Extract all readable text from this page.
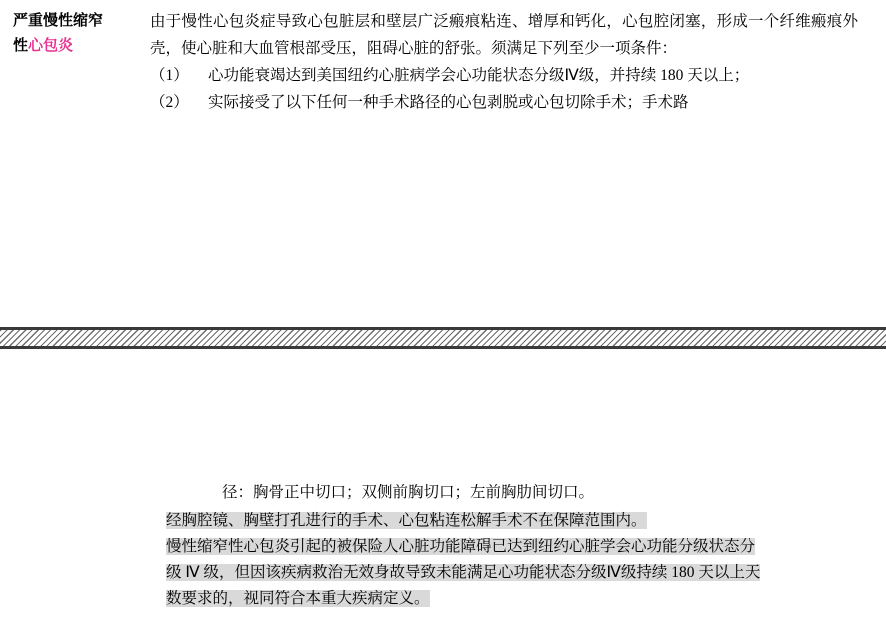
严重慢性缩窄
性心包炎

由于慢性心包炎症导致心包脏层和壁层广泛瘢痕粘连、增厚和钙化，心包腔闭塞，形成一个纤维瘢痕外壳，使心脏和大血管根部受压，阻碍心脏的舒张。须满足下列至少一项条件：

（1）	心功能衰竭达到美国纽约心脏病学会心功能状态分级Ⅳ级，并持续 180 天以上；
（2）	实际接受了以下任何一种手术路径的心包剥脱或心包切除手术；手术路

径：胸骨正中切口；双侧前胸切口；左前胸肋间切口。

经胸腔镜、胸壁打孔进行的手术、心包粘连松解手术不在保障范围内。

慢性缩窄性心包炎引起的被保险人心脏功能障碍已达到纽约心脏学会心功能分级状态分级 Ⅳ 级，但因该疾病救治无效身故导致未能满足心功能状态分级Ⅳ级持续 180 天以上天数要求的，视同符合本重大疾病定义。
